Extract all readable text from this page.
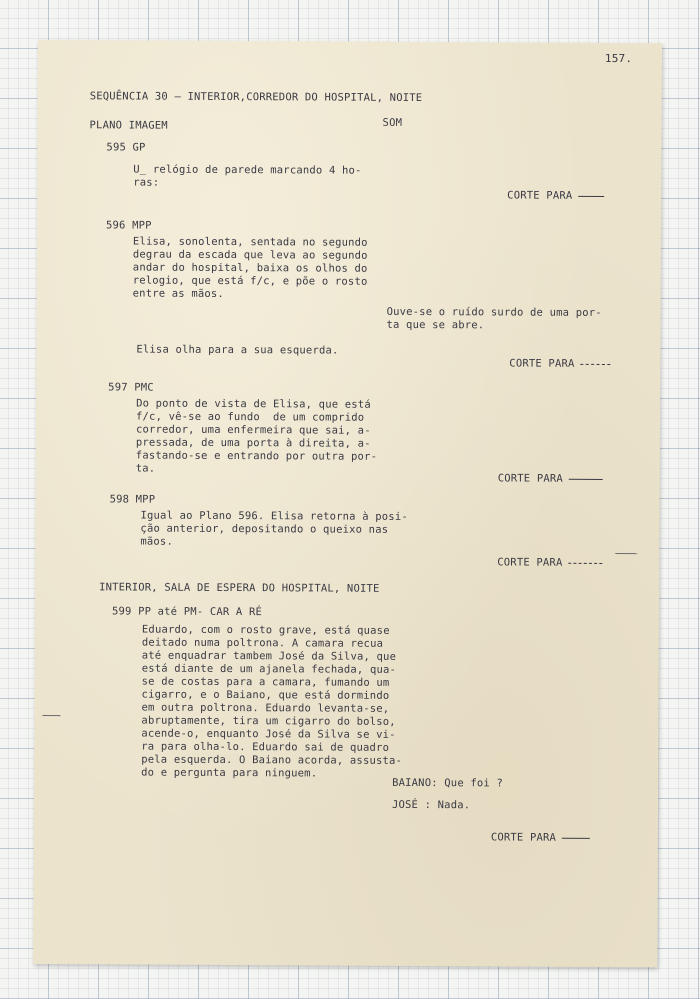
157.
SEQUÊNCIA 30 — INTERIOR,CORREDOR DO HOSPITAL, NOITE
PLANO IMAGEM	SOM
595 GP
U_ relógio de parede marcando 4 ho-
ras:
CORTE PARA
596 MPP
Elisa, sonolenta, sentada no segundo
degrau da escada que leva ao segundo
andar do hospital, baixa os olhos do
relogio, que está f/c, e põe o rosto
entre as mãos.
Ouve-se o ruído surdo de uma por-
ta que se abre.
Elisa olha para a sua esquerda.
CORTE PARA
597 PMC
Do ponto de vista de Elisa, que está
f/c, vê-se ao fundo  de um comprido
corredor, uma enfermeira que sai, a-
pressada, de uma porta à direita, a-
fastando-se e entrando por outra por-
ta.
CORTE PARA
598 MPP
Igual ao Plano 596. Elisa retorna à posi-
ção anterior, depositando o queixo nas
mãos.
CORTE PARA
INTERIOR, SALA DE ESPERA DO HOSPITAL, NOITE
599 PP até PM- CAR A RÉ
Eduardo, com o rosto grave, está quase
deitado numa poltrona. A camara recua
até enquadrar tambem José da Silva, que
está diante de um ajanela fechada, qua-
se de costas para a camara, fumando um
cigarro, e o Baiano, que está dormindo
em outra poltrona. Eduardo levanta-se,
abruptamente, tira um cigarro do bolso,
acende-o, enquanto José da Silva se vi-
ra para olha-lo. Eduardo sai de quadro
pela esquerda. O Baiano acorda, assusta-
do e pergunta para ninguem.
BAIANO: Que foi ?
JOSÉ : Nada.
CORTE PARA
